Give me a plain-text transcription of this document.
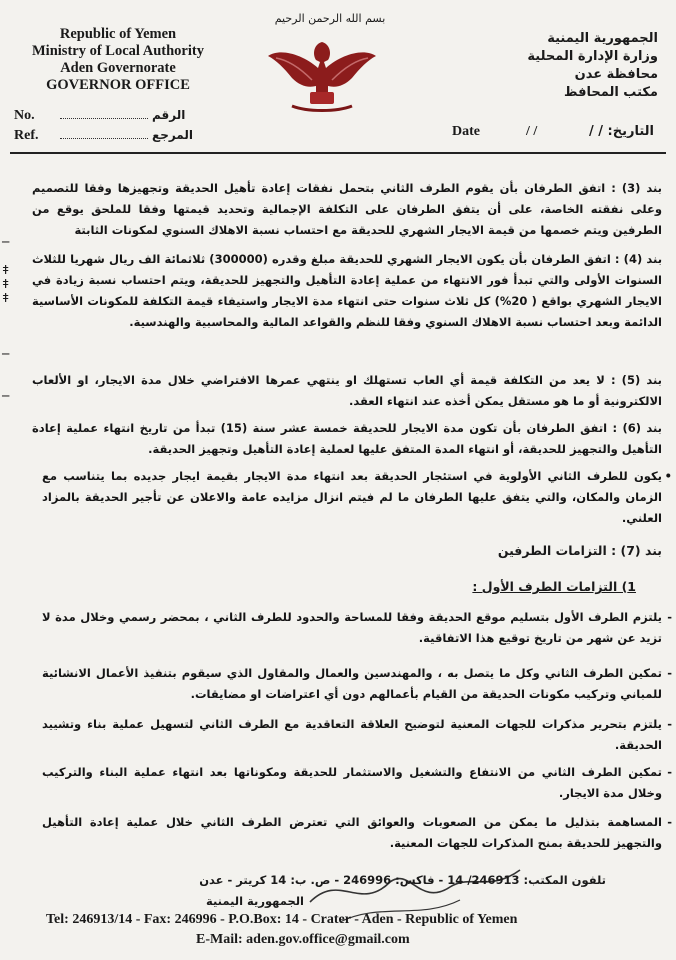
بسم الله الرحمن الرحيم
Republic of Yemen
Ministry of Local Authority
Aden Governorate
GOVERNOR OFFICE
No.	الرقم
Ref.	المرجع
الجمهورية اليمنية
وزارة الإدارة المحلية
محافظة عدن
مكتب المحافظ
Date	/ /	التاريخ: / /
─

ǂ
ǂ
ǂ

─

─
بند (3) : اتفق الطرفان بأن يقوم الطرف الثاني بتحمل نفقات إعادة تأهيل الحديقة وتجهيزها وفقا للتصميم وعلى نفقته الخاصة، على أن يتفق الطرفان على التكلفة الإجمالية وتحديد قيمتها وفقا للملحق يوقع من الطرفين ويتم خصمها من قيمة الايجار الشهري للحديقة مع احتساب نسبة الاهلاك السنوي لمكونات الثابتة
بند (4) : اتفق الطرفان بأن يكون الايجار الشهري للحديقة مبلغ وقدره (300000) ثلاثمائة الف ريال شهريا للثلاث السنوات الأولى والتي تبدأ فور الانتهاء من عملية إعادة التأهيل والتجهيز للحديقة، ويتم احتساب نسبة زيادة في الايجار الشهري بواقع ( 20%) كل ثلاث سنوات حتى انتهاء مدة الايجار واستيفاء قيمة التكلفة للمكونات الأساسية الدائمة وبعد احتساب نسبة الاهلاك السنوي وفقا للنظم والقواعد المالية والمحاسبية والهندسية.
بند (5) : لا يعد من التكلفة قيمة أي العاب تستهلك او ينتهي عمرها الافتراضي خلال مدة الايجار، او الألعاب الالكترونية أو ما هو مستقل يمكن أخذه عند انتهاء العقد.
بند (6) : اتفق الطرفان بأن تكون مدة الايجار للحديقة خمسة عشر سنة (15) تبدأ من تاريخ انتهاء عملية إعادة التأهيل والتجهيز للحديقة، أو انتهاء المدة المتفق عليها لعملية إعادة التأهيل وتجهيز الحديقة.
•
يكون للطرف الثاني الأولوية في استئجار الحديقة بعد انتهاء مدة الايجار بقيمة ايجار جديده بما يتناسب مع الزمان والمكان، والتي يتفق عليها الطرفان ما لم فيتم انزال مزايده عامة والاعلان عن تأجير الحديقة بالمزاد العلني.
بند (7) : التزامات الطرفين
1) التزامات الطرف الأول :
-
يلتزم الطرف الأول بتسليم موقع الحديقة وفقا للمساحة والحدود للطرف الثاني ، بمحضر رسمي وخلال مدة لا تزيد عن شهر من تاريخ توقيع هذا الاتفاقية.
-
تمكين الطرف الثاني وكل ما يتصل به ، والمهندسين والعمال والمقاول الذي سيقوم بتنفيذ الأعمال الانشائية للمباني وتركيب مكونات الحديقة من القيام بأعمالهم دون أي اعتراضات او مضايقات.
-
يلتزم بتحرير مذكرات للجهات المعنية لتوضيح العلاقة التعاقدية مع الطرف الثاني لتسهيل عملية بناء وتشييد الحديقة.
-
تمكين الطرف الثاني من الانتفاع والتشغيل والاستثمار للحديقة ومكوناتها بعد انتهاء عملية البناء والتركيب وخلال مدة الايجار.
-
المساهمة بتذليل ما يمكن من الصعوبات والعوائق التي تعترض الطرف الثاني خلال عملية إعادة التأهيل والتجهيز للحديقة بمنح المذكرات للجهات المعنية.
تلفون المكتب: 246913/ 14 - فاكس: 246996 - ص. ب: 14 كريتر - عدن
الجمهورية اليمنية
Tel: 246913/14 - Fax: 246996 - P.O.Box: 14 - Crater - Aden - Republic of Yemen
E-Mail: aden.gov.office@gmail.com
